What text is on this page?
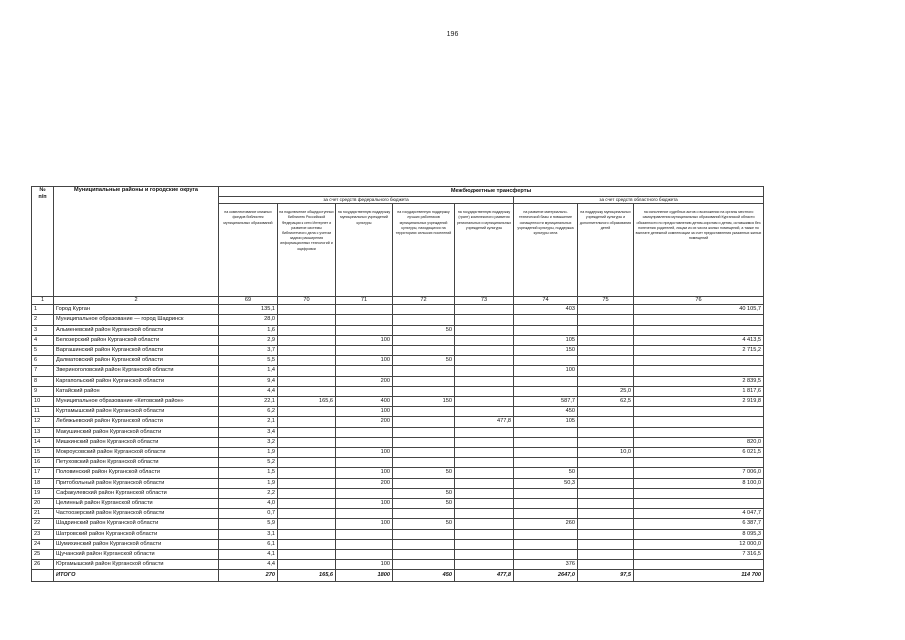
196
№
п/п	Муниципальные районы и городские округа	Межбюджетные трансферты							
		за счет средств федерального бюджета					за счет средств областного бюджета		
		на комплектование книжных фондов библиотек муниципальных образований	на подключение общедоступных библиотек Российской Федерации к сети Интернет и развитие системы библиотечного дела с учетом задачи расширения информационных технологий и оцифровки	на государственную поддержку муниципальных учреждений культуры	на государственную поддержку лучших работников муниципальных учреждений культуры, находящихся на территориях сельских поселений	на государственную поддержку (грант) комплексного развития региональных и муниципальных учреждений культуры	на развитие материально-технической базы и повышение оснащенности муниципальных учреждений культуры, поддержка культуры села	на поддержку муниципальных учреждений культуры и дополнительного образования детей	на исполнение судебных актов о возложении на органы местного самоуправления муниципальных образований Курганской области обязанности по предоставлению детям-сиротам и детям, оставшимся без попечения родителей, лицам из их числа жилых помещений, а также по выплате денежной компенсации за счет предоставления указанных жилых помещений
1	2	69	70	71	72	73	74	75	76
1	Город Курган	135,1					403		40 105,7
2	Муниципальное образование — город Шадринск	28,0							
3	Альменевский район Курганской области	1,6			50				
4	Белозерский район Курганской области	2,9		100			105		4 413,5
5	Варгашинский район Курганской области	3,7					150		2 715,2
6	Далматовский район Курганской области	5,5		100	50				
7	Звериноголовский район Курганской области	1,4					100		
8	Каргапольский район Курганской области	9,4		200					2 839,5
9	Катайский район	4,4						25,0	1 817,6
10	Муниципальное образование «Кетовский район»	22,1	165,6	400	150		587,7	62,5	2 919,8
11	Куртамышский район Курганской области	6,2		100			450		
12	Лебяжьевский район Курганской области	2,1		200		477,8	105		
13	Макушинский район Курганской области	3,4							
14	Мишкинский район Курганской области	3,2							820,0
15	Мокроусовский район Курганской области	1,9		100				10,0	6 021,5
16	Петуховский район Курганской области	5,2							
17	Половинский район Курганской области	1,5		100	50		50		7 006,0
18	Притобольный район Курганской области	1,9		200			50,3		8 100,0
19	Сафакулевский район Курганской области	2,2			50				
20	Целинный район Курганской области	4,0		100	50				
21	Частоозерский район Курганской области	0,7							4 047,7
22	Шадринский район Курганской области	5,9		100	50		260		6 387,7
23	Шатровский район Курганской области	3,1							8 095,3
24	Шумихинский район Курганской области	6,1							12 000,0
25	Щучанский район Курганской области	4,1							7 316,5
26	Юргамышский район Курганской области	4,4		100			376		
	ИТОГО	270	165,6	1800	450	477,8	2647,0	97,5	114 700
